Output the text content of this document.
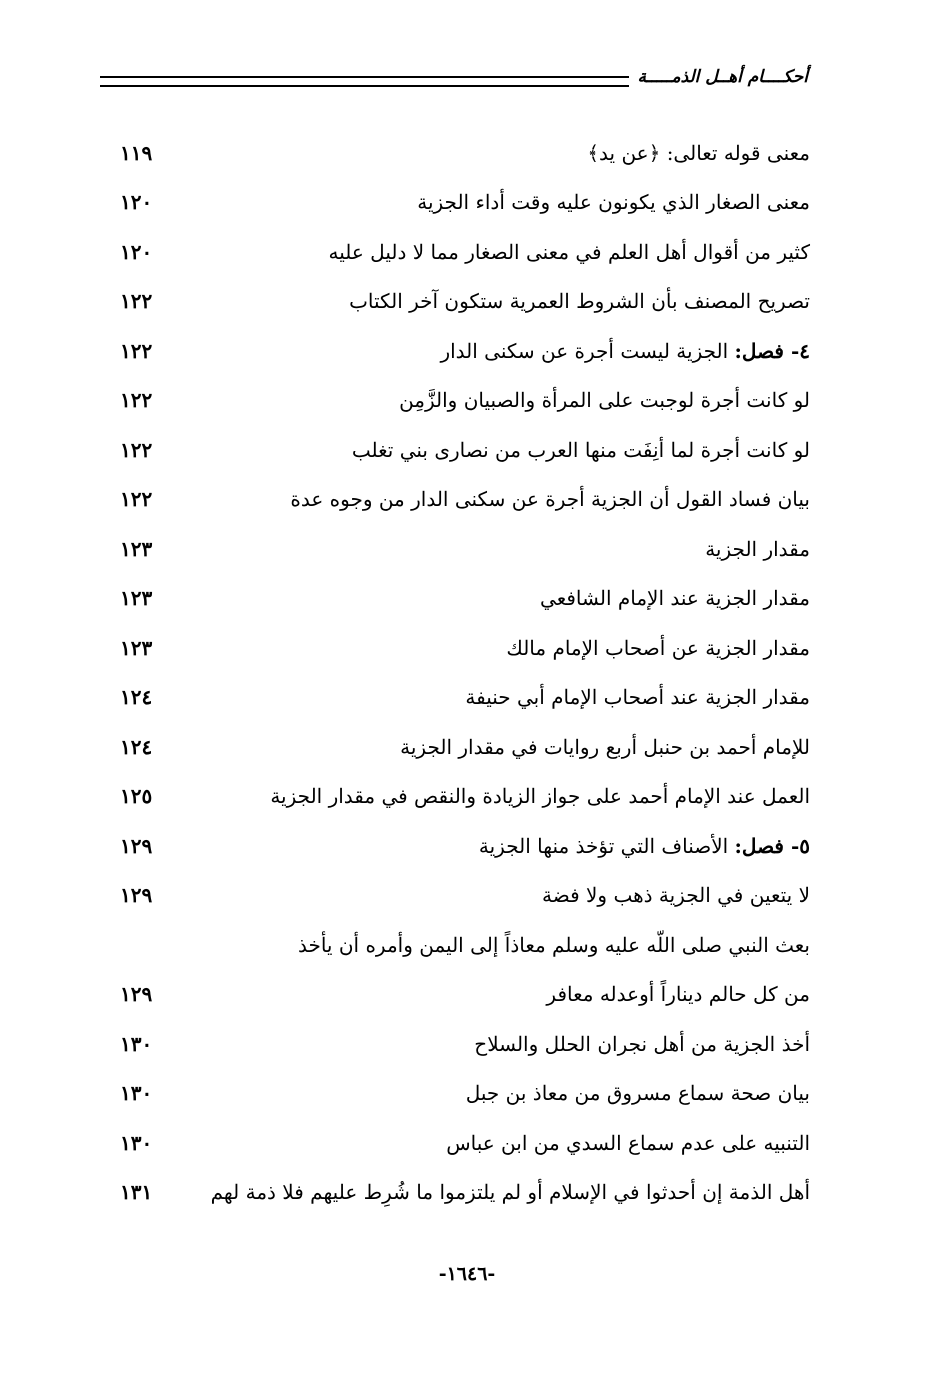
أحكــــام أهــل الذمـــــة
معنى قوله تعالى: ﴿عن يد﴾
١١٩
معنى الصغار الذي يكونون عليه وقت أداء الجزية
١٢٠
كثير من أقوال أهل العلم في معنى الصغار مما لا دليل عليه
١٢٠
تصريح المصنف بأن الشروط العمرية ستكون آخر الكتاب
١٢٢
٤- فصل: الجزية ليست أجرة عن سكنى الدار
١٢٢
لو كانت أجرة لوجبت على المرأة والصبيان والزَّمِن
١٢٢
لو كانت أجرة لما أنِفَت منها العرب من نصارى بني تغلب
١٢٢
بيان فساد القول أن الجزية أجرة عن سكنى الدار من وجوه عدة
١٢٢
مقدار الجزية
١٢٣
مقدار الجزية عند الإمام الشافعي
١٢٣
مقدار الجزية عن أصحاب الإمام مالك
١٢٣
مقدار الجزية عند أصحاب الإمام أبي حنيفة
١٢٤
للإمام أحمد بن حنبل أربع روايات في مقدار الجزية
١٢٤
العمل عند الإمام أحمد على جواز الزيادة والنقص في مقدار الجزية
١٢٥
٥- فصل: الأصناف التي تؤخذ منها الجزية
١٢٩
لا يتعين في الجزية ذهب ولا فضة
١٢٩
بعث النبي صلى اللّه عليه وسلم معاذاً إلى اليمن وأمره أن يأخذ
من كل حالم ديناراً أوعدله معافر
١٢٩
أخذ الجزية من أهل نجران الحلل والسلاح
١٣٠
بيان صحة سماع مسروق من معاذ بن جبل
١٣٠
التنبيه على عدم سماع السدي من ابن عباس
١٣٠
أهل الذمة إن أحدثوا في الإسلام أو لم يلتزموا ما شُرِط عليهم فلا ذمة لهم
١٣١
-١٦٤٦-
